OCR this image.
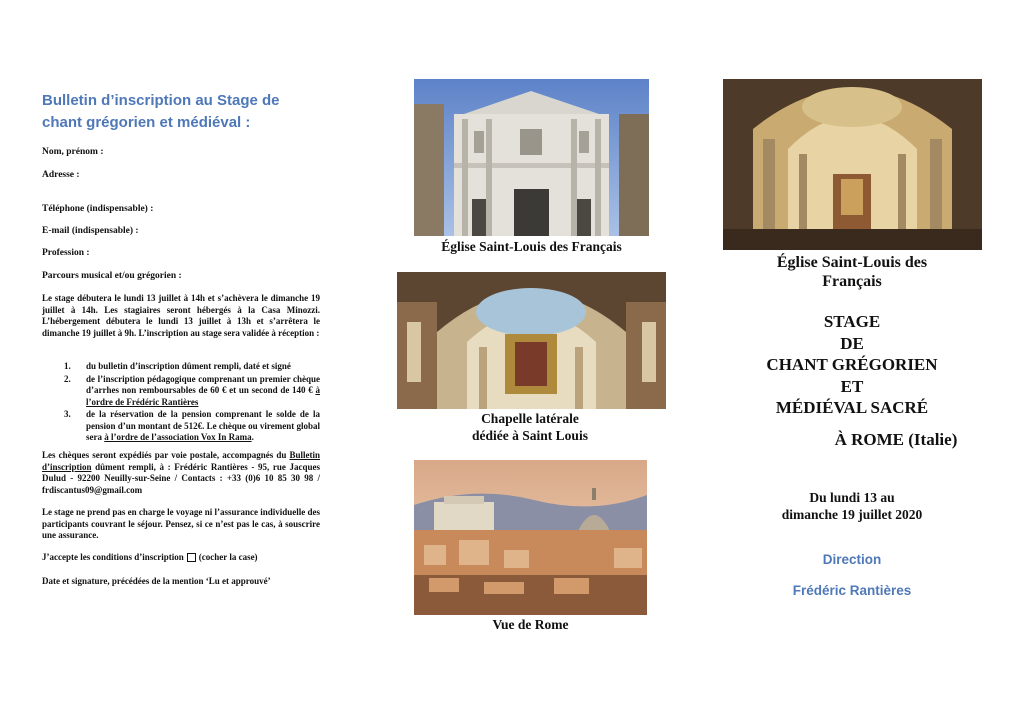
Bulletin d’inscription au Stage de
chant grégorien et médiéval :

Nom, prénom :

Adresse :

Téléphone (indispensable) :

E-mail (indispensable) :

Profession :

Parcours musical et/ou grégorien :

Le stage débutera le lundi 13 juillet à 14h et s’achèvera le dimanche 19 juillet à 14h. Les stagiaires seront hébergés à la Casa Minozzi. L’hébergement débutera le lundi 13 juillet à 13h et s’arrêtera le dimanche 19 juillet à 9h. L’inscription au stage sera validée à réception :

1. du bulletin d’inscription dûment rempli, daté et signé
2. de l’inscription pédagogique comprenant un premier chèque d’arrhes non remboursables de 60 € et un second de 140 € à l’ordre de Frédéric Rantières
3. de la réservation de la pension comprenant le solde de la pension d’un montant de 512€. Le chèque ou virement global sera à l’ordre de l’association Vox In Rama.

Les chèques seront expédiés par voie postale, accompagnés du Bulletin d’inscription dûment rempli, à : Frédéric Rantières - 95, rue Jacques Dulud - 92200 Neuilly-sur-Seine / Contacts : +33 (0)6 10 85 30 98 / frdiscantus09@gmail.com

Le stage ne prend pas en charge le voyage ni l’assurance individuelle des participants couvrant le séjour. Pensez, si ce n’est pas le cas, à souscrire une assurance.

J’accepte les conditions d’inscription (cocher la case)

Date et signature, précédées de la mention ‘Lu et approuvé’

Église Saint-Louis des Français
Chapelle latérale
dédiée à Saint Louis
Vue de Rome
Église Saint-Louis des
Français
STAGE
DE
CHANT GRÉGORIEN
ET
MÉDIÉVAL SACRÉ
À ROME (Italie)
Du lundi 13 au
dimanche 19 juillet 2020
Direction
Frédéric Rantières
